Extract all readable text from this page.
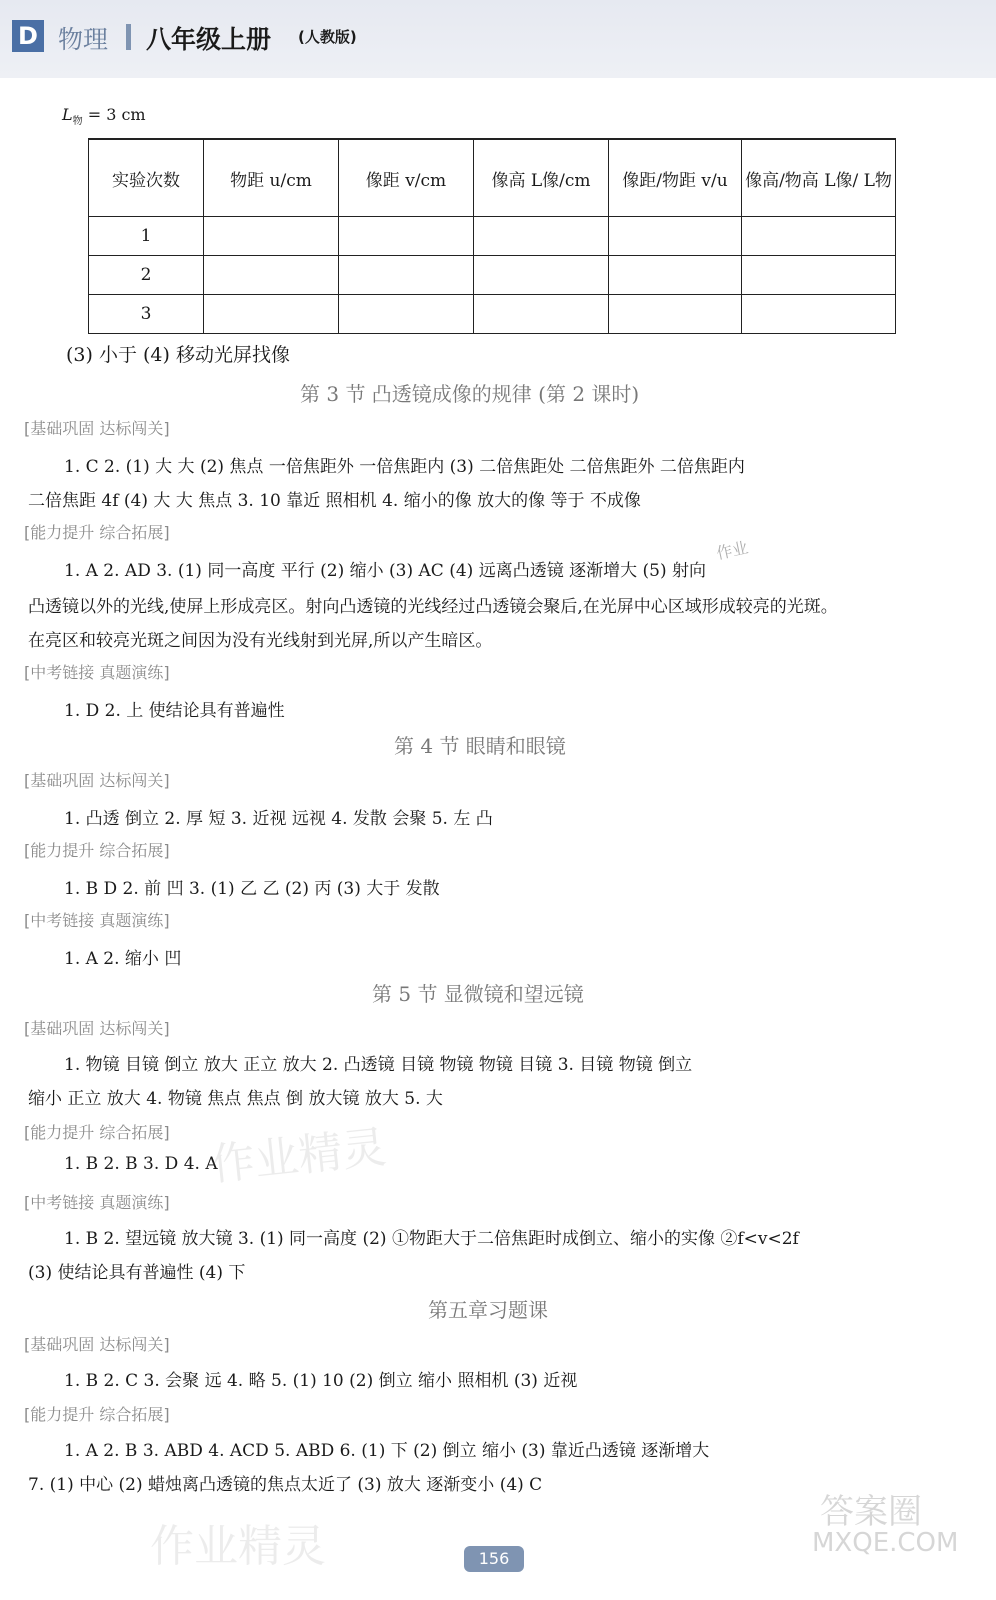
D 物理 八年级上册 (人教版)
$L_物 = 3$ cm
实验次数	物距 u/cm	像距 v/cm	像高 L像/cm	像距/物距 v/u	像高/物高 L像/ L物
1					
2					
3					
(3) 小于 (4) 移动光屏找像
第 3 节 凸透镜成像的规律 (第 2 课时)
[基础巩固 达标闯关]
1. C 2. (1) 大 大 (2) 焦点 一倍焦距外 一倍焦距内 (3) 二倍焦距处 二倍焦距外 二倍焦距内
二倍焦距 4f (4) 大 大 焦点 3. 10 靠近 照相机 4. 缩小的像 放大的像 等于 不成像
[能力提升 综合拓展]
1. A 2. AD 3. (1) 同一高度 平行 (2) 缩小 (3) AC (4) 远离凸透镜 逐渐增大 (5) 射向
凸透镜以外的光线,使屏上形成亮区。射向凸透镜的光线经过凸透镜会聚后,在光屏中心区域形成较亮的光斑。
在亮区和较亮光斑之间因为没有光线射到光屏,所以产生暗区。
[中考链接 真题演练]
1. D 2. 上 使结论具有普遍性
第 4 节 眼睛和眼镜
[基础巩固 达标闯关]
1. 凸透 倒立 2. 厚 短 3. 近视 远视 4. 发散 会聚 5. 左 凸
[能力提升 综合拓展]
1. B D 2. 前 凹 3. (1) 乙 乙 (2) 丙 (3) 大于 发散
[中考链接 真题演练]
1. A 2. 缩小 凹
第 5 节 显微镜和望远镜
[基础巩固 达标闯关]
1. 物镜 目镜 倒立 放大 正立 放大 2. 凸透镜 目镜 物镜 物镜 目镜 3. 目镜 物镜 倒立
缩小 正立 放大 4. 物镜 焦点 焦点 倒 放大镜 放大 5. 大
[能力提升 综合拓展]
1. B 2. B 3. D 4. A
[中考链接 真题演练]
1. B 2. 望远镜 放大镜 3. (1) 同一高度 (2) ①物距大于二倍焦距时成倒立、缩小的实像 ②f<v<2f
(3) 使结论具有普遍性 (4) 下
第五章习题课
[基础巩固 达标闯关]
1. B 2. C 3. 会聚 远 4. 略 5. (1) 10 (2) 倒立 缩小 照相机 (3) 近视
[能力提升 综合拓展]
1. A 2. B 3. ABD 4. ACD 5. ABD 6. (1) 下 (2) 倒立 缩小 (3) 靠近凸透镜 逐渐增大
7. (1) 中心 (2) 蜡烛离凸透镜的焦点太近了 (3) 放大 逐渐变小 (4) C
作业精灵
作业精灵
答案圈
MXQE.COM
作业
156
